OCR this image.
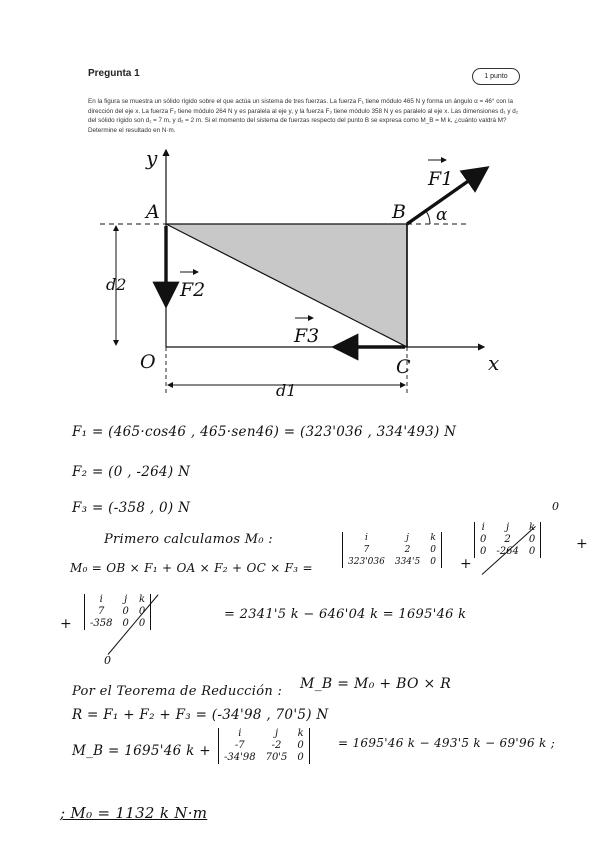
Pregunta 1	1 punto
En la figura se muestra un sólido rígido sobre el que actúa un sistema de tres fuerzas. La fuerza F₁ tiene módulo 465 N y forma un ángulo α = 46° con la dirección del eje x. La fuerza F₂ tiene módulo 264 N y es paralela al eje y, y la fuerza F₃ tiene módulo 358 N y es paralelo al eje x. Las dimensiones d₁ y d₂ del sólido rígido son d₁ = 7 m, y d₂ = 2 m. Si el momento del sistema de fuerzas respecto del punto B se expresa como M_B = M k, ¿cuánto valdrá M? Determine el resultado en N·m.
y
x
A	B
C
O
F1
F2
F3
α
d2
d1
F₁ = (465·cos46 , 465·sen46) = (323'036 , 334'493) N
F₂ = (0 , -264) N
F₃ = (-358 , 0) N
Primero calculamos M₀ :
M₀ = OB × F₁ + OA × F₂ + OC × F₃ =
i	j	k
7	2	0
323'036	334'5	0 +
i	j	k
0	2	0
0	-264	0
0
+
+
i	j	k
7	0	0
-358	0	0
0
= 2341'5 k − 646'04 k = 1695'46 k
Por el Teorema de Reducción : M_B = M₀ + BO × R
R = F₁ + F₂ + F₃ = (-34'98 , 70'5) N
M_B = 1695'46 k +
i	j	k
-7	-2	0
-34'98	70'5	0
= 1695'46 k − 493'5 k − 69'96 k ;
; M₀ = 1132 k N·m
